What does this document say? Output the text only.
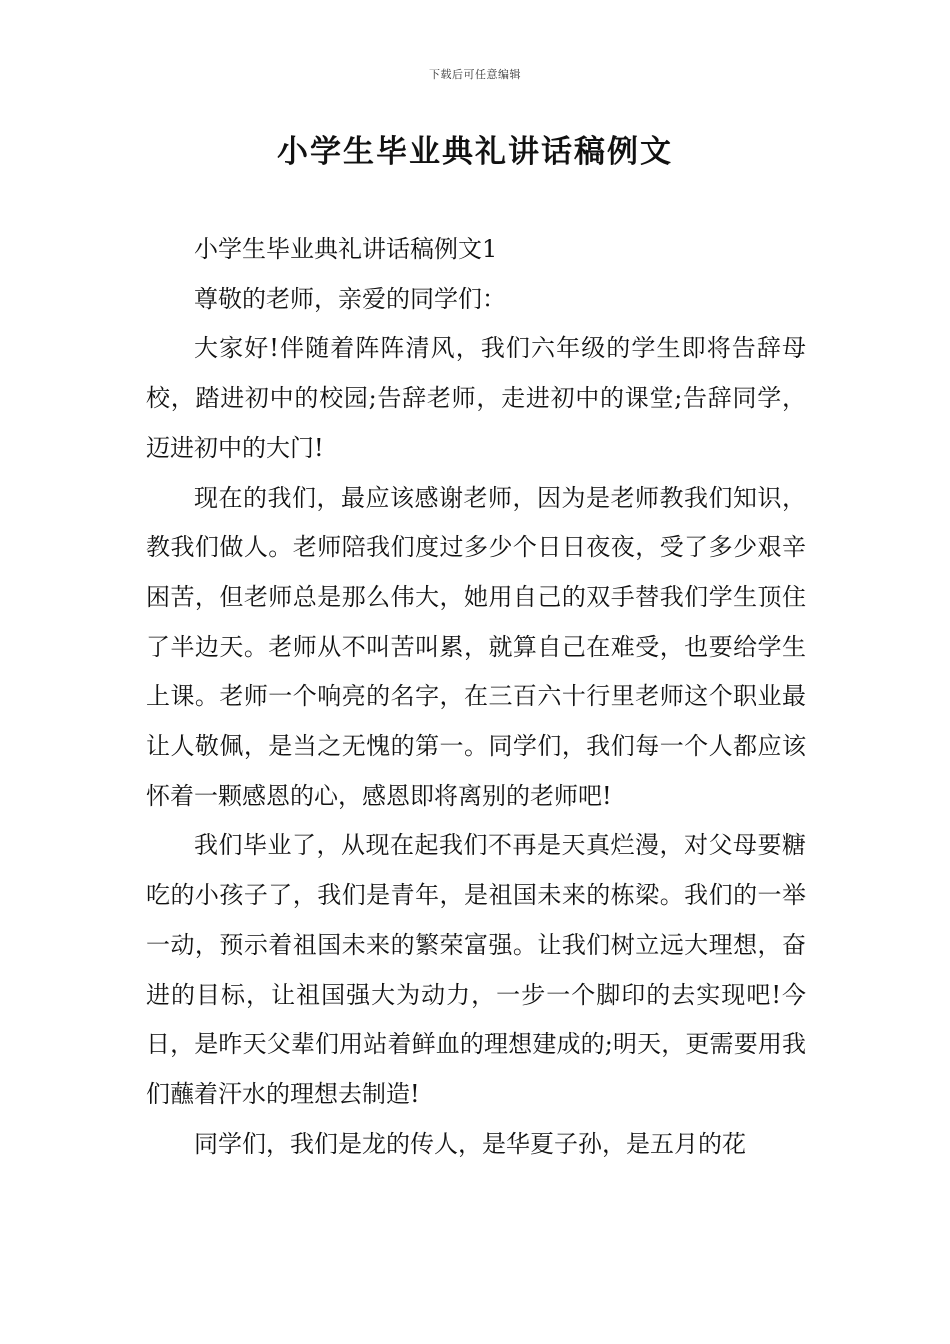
下载后可任意编辑
小学生毕业典礼讲话稿例文

小学生毕业典礼讲话稿例文1

尊敬的老师，亲爱的同学们：

大家好!伴随着阵阵清风，我们六年级的学生即将告辞母校，踏进初中的校园;告辞老师，走进初中的课堂;告辞同学，迈进初中的大门!

现在的我们，最应该感谢老师，因为是老师教我们知识，教我们做人。老师陪我们度过多少个日日夜夜，受了多少艰辛困苦，但老师总是那么伟大，她用自己的双手替我们学生顶住了半边天。老师从不叫苦叫累，就算自己在难受，也要给学生上课。老师一个响亮的名字，在三百六十行里老师这个职业最让人敬佩，是当之无愧的第一。同学们，我们每一个人都应该怀着一颗感恩的心，感恩即将离别的老师吧!

我们毕业了，从现在起我们不再是天真烂漫，对父母要糖吃的小孩子了，我们是青年，是祖国未来的栋梁。我们的一举一动，预示着祖国未来的繁荣富强。让我们树立远大理想，奋进的目标，让祖国强大为动力，一步一个脚印的去实现吧!今日，是昨天父辈们用站着鲜血的理想建成的;明天，更需要用我们蘸着汗水的理想去制造!

同学们，我们是龙的传人，是华夏子孙，是五月的花
